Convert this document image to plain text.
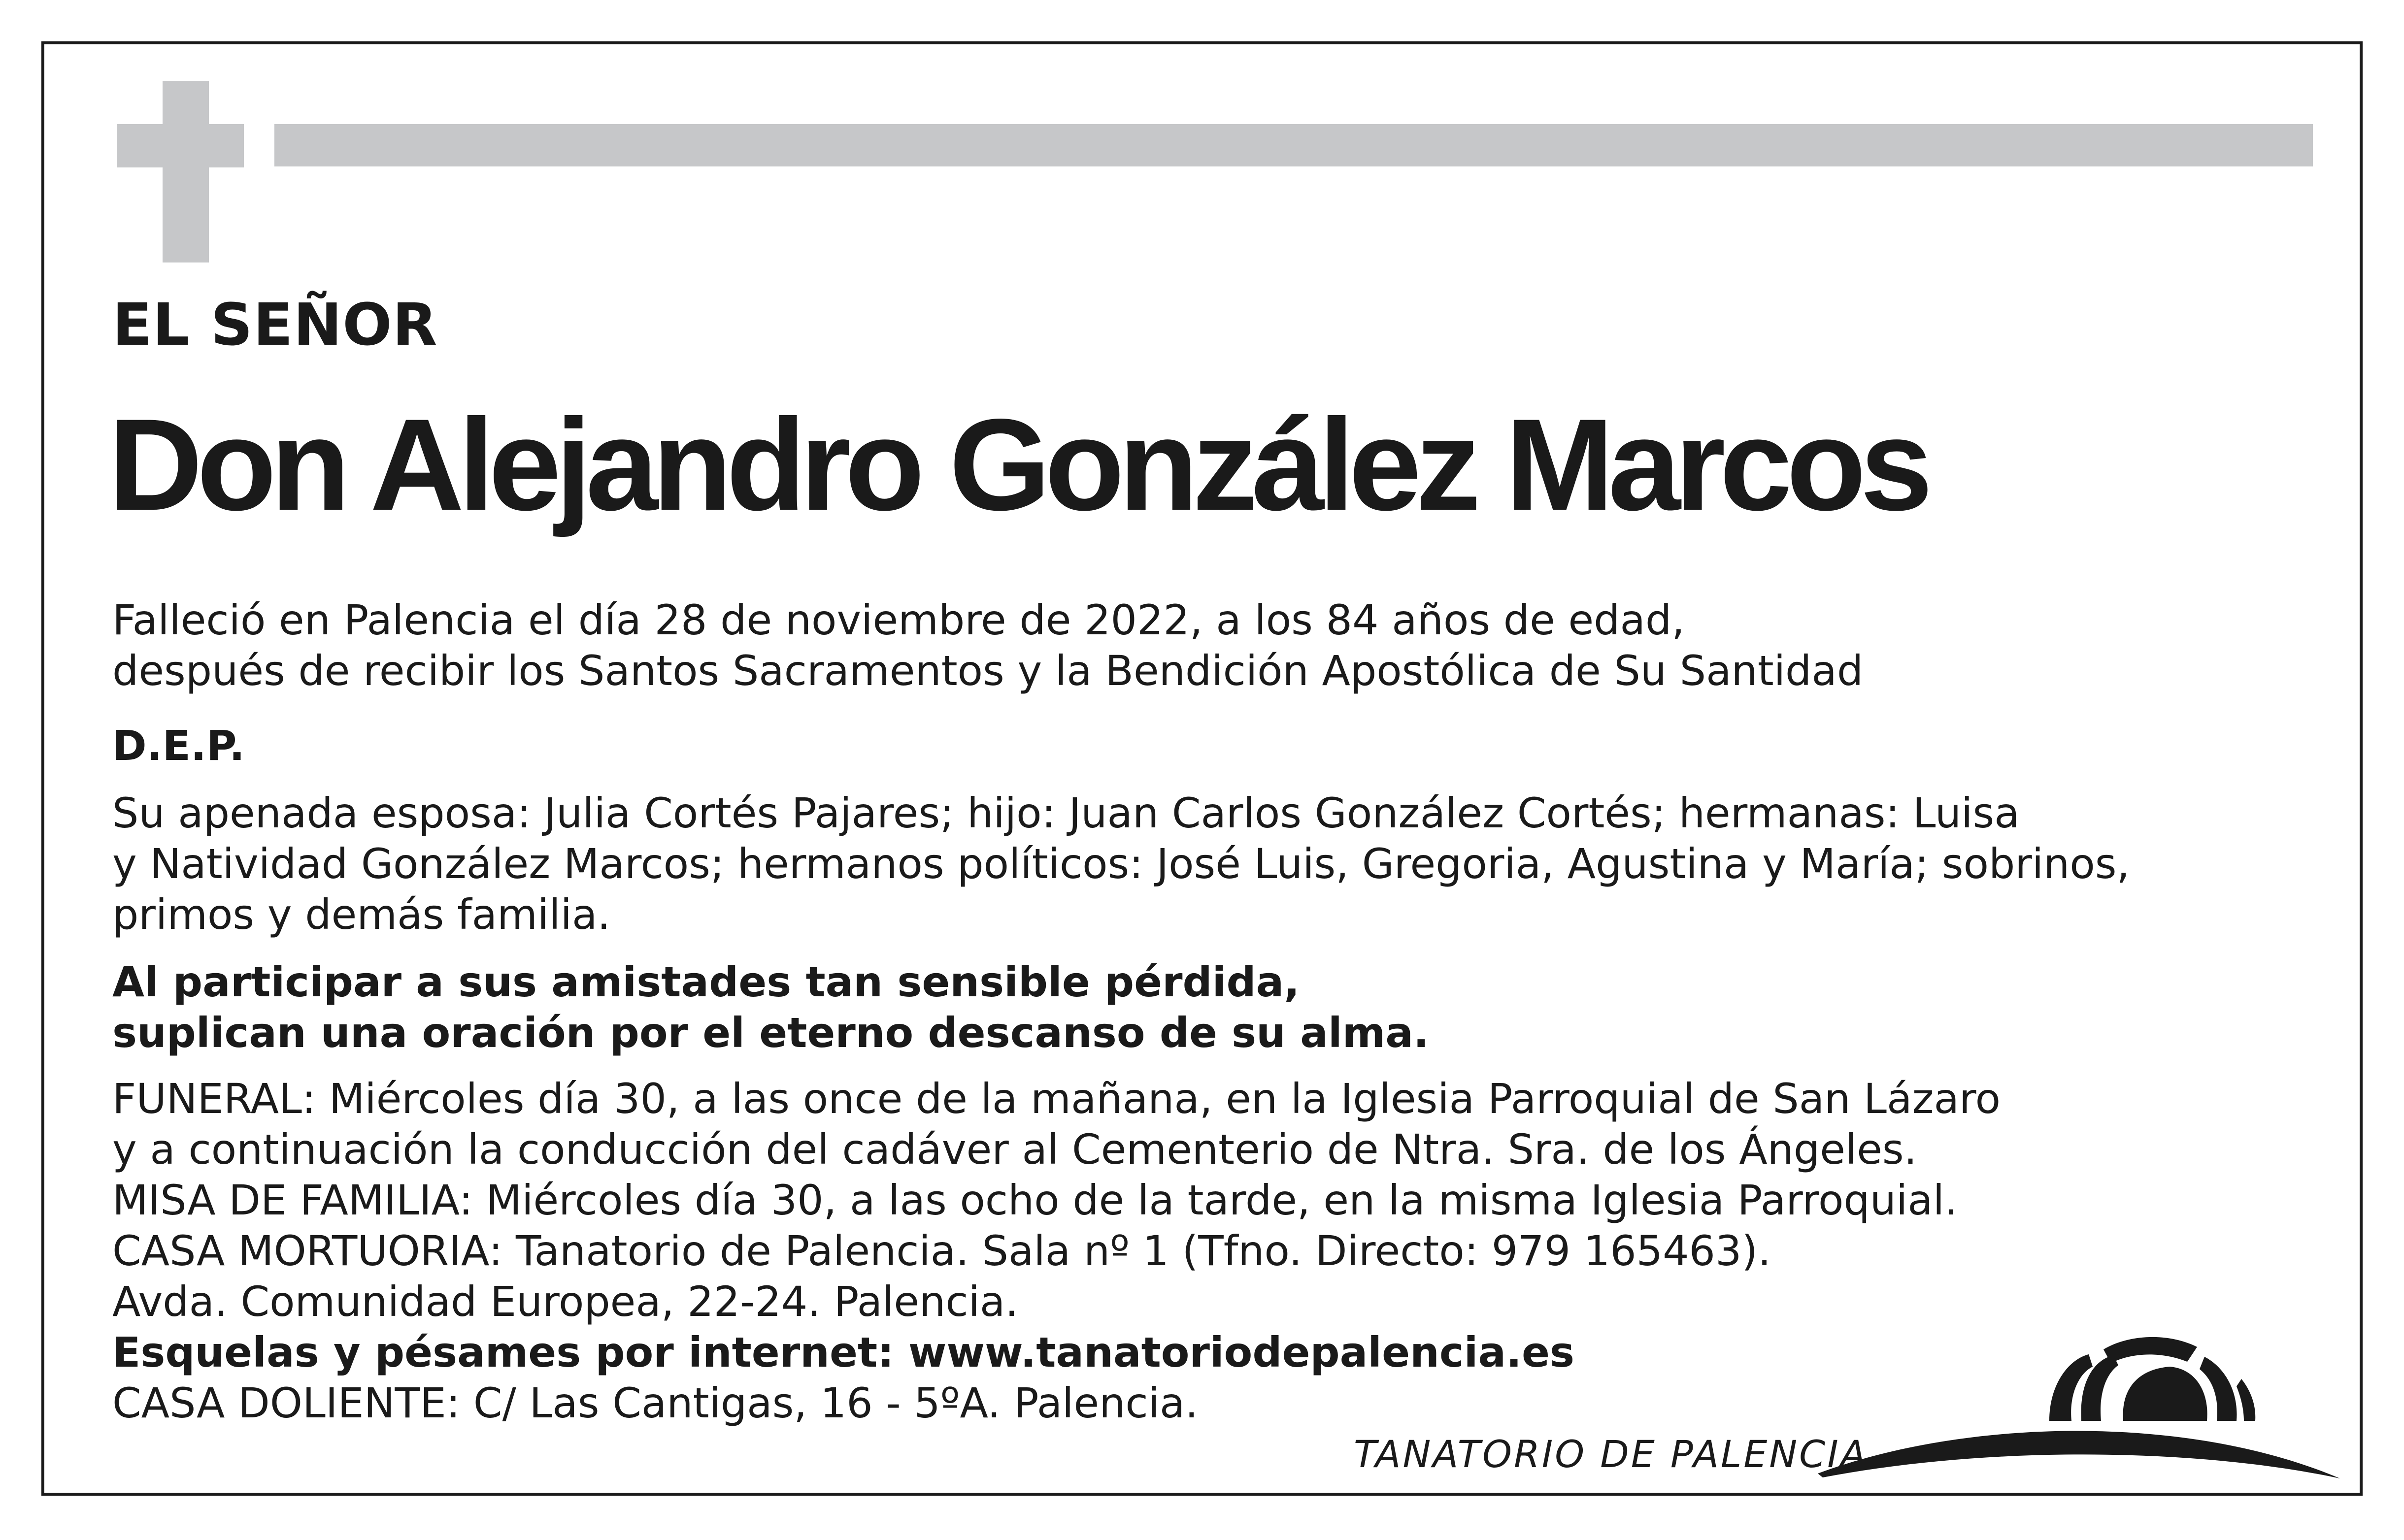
EL SEÑOR
Don Alejandro González Marcos
Falleció en Palencia el día 28 de noviembre de 2022, a los 84 años de edad,
después de recibir los Santos Sacramentos y la Bendición Apostólica de Su Santidad
D.E.P.
Su apenada esposa: Julia Cortés Pajares; hijo: Juan Carlos González Cortés; hermanas: Luisa
y Natividad González Marcos; hermanos políticos: José Luis, Gregoria, Agustina y María; sobrinos,
primos y demás familia.
Al participar a sus amistades tan sensible pérdida,
suplican una oración por el eterno descanso de su alma.
FUNERAL: Miércoles día 30, a las once de la mañana, en la Iglesia Parroquial de San Lázaro
y a continuación la conducción del cadáver al Cementerio de Ntra. Sra. de los Ángeles.
MISA DE FAMILIA: Miércoles día 30, a las ocho de la tarde, en la misma Iglesia Parroquial.
CASA MORTUORIA: Tanatorio de Palencia. Sala nº 1 (Tfno. Directo: 979 165463).
Avda. Comunidad Europea, 22-24. Palencia.
Esquelas y pésames por internet: www.tanatoriodepalencia.es
CASA DOLIENTE: C/ Las Cantigas, 16 - 5ºA. Palencia.
TANATORIO DE PALENCIA
